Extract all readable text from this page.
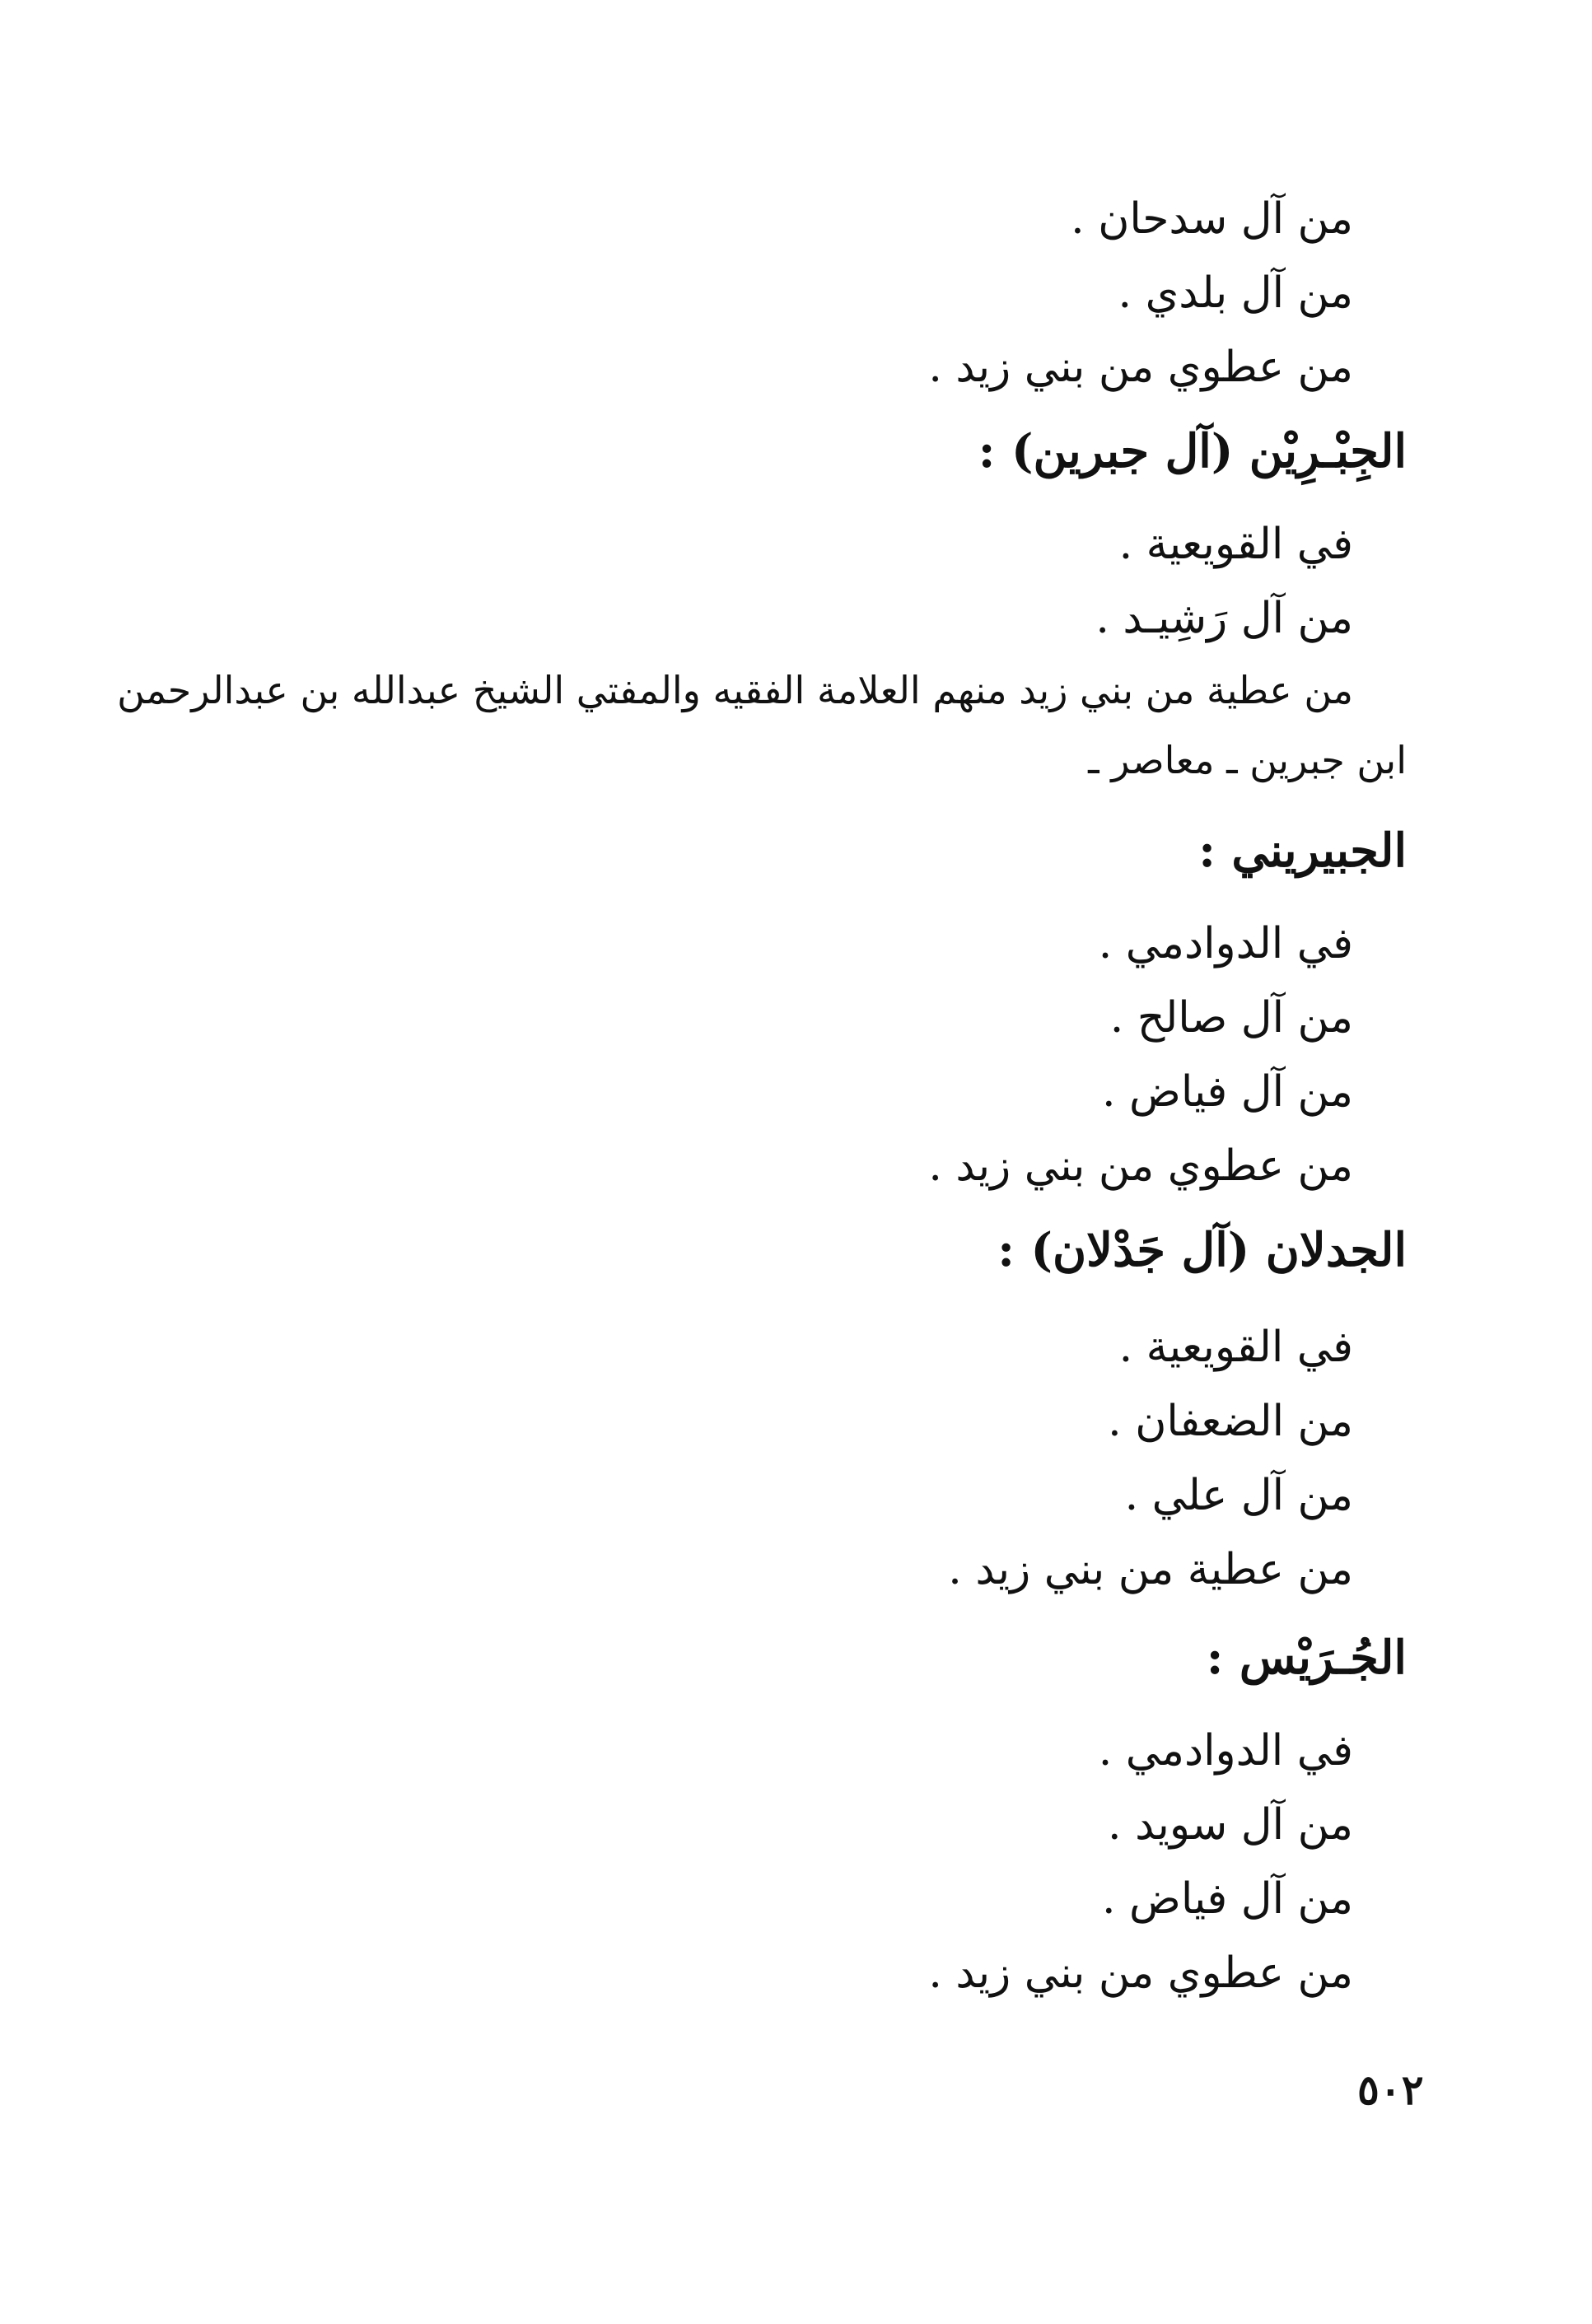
من آل سدحان .
من آل بلدي .
من عطوي من بني زيد .
الجِبْـرِيْن (آل جبرين) :
في القويعية .
من آل رَشِيـد .
من عطية من بني زيد منهم العلامة الفقيه والمفتي الشيخ عبدالله بن عبدالرحمن
ابن جبرين ـ معاصر ـ
الجبيريني :
في الدوادمي .
من آل صالح .
من آل فياض .
من عطوي من بني زيد .
الجدلان (آل جَدْلان) :
في القويعية .
من الضعفان .
من آل علي .
من عطية من بني زيد .
الجُـرَيْس :
في الدوادمي .
من آل سويد .
من آل فياض .
من عطوي من بني زيد .
٥٠٢
